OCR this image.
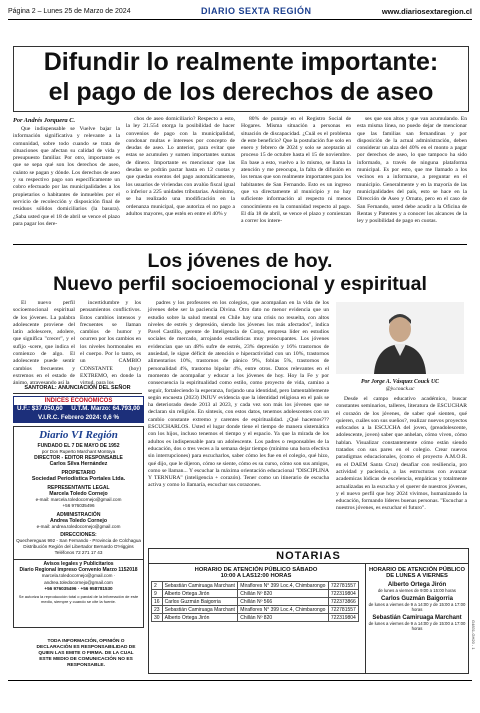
Página 2 – Lunes 25 de Marzo de 2024	DIARIO SEXTA REGIÓN	www.diariosextaregion.cl
Difundir lo realmente importante:
el pago de los derechos de aseo
Por Andrés Jorquera C.

Que indispensable se Vuelve bajar la información significativa y relevante a la comunidad, sobre todo cuando se trata de situaciones que afectan su calidad de vida y presupuesto familiar. Por otro, importante es que se sepa qué son los derechos de aseo, cuánto se pagan y dónde. Los derechos de aseo y su respectivo pago son específicamente un cobro efectuado por las municipalidades a los propietarios o habitantes de inmuebles por el servicio de recolección y disposición final de residuos sólidos domiciliarios (la basura). ¿Saba usted que el 18 de abril se vence el plazo para pagar los dere-

chos de aseo domiciliario? Respecto a esto, la ley 21.554 otorga la posibilidad de hacer convenios de pago con la municipalidad, condonar multas e intereses por concepto de deudas de aseo. Lo anterior, para evitar que estas se acumulen y sumen importantes sumas de dinero. Importante es mencionar que las deudas se podrán pactar hasta en 12 cuotas y que quedan exentos del pago automáticamente, los usuarios de viviendas con avalúo fiscal igual o inferior a 225 unidades tributarias. Asimismo, se ha realizado una modificación en la ordenanza municipal, que autoriza el no pago a adultos mayores, que estén en entre el 40% y

80% de puntaje en el Registro Social de Hogares. Misma situación a personas en situación de discapacidad. ¿Cuál es el problema de este beneficio? Que la postulación fue solo en enero y febrero de 2024 y solo se aceptarán al proceso 15 de octubre hasta el 15 de noviembre. En base a esto, vuelvo a lo mismo, se llama la atención y me preocupa, la falta de difusión en los temas que son realmente importantes para los habitantes de San Fernando. Esto es un ingreso que va directamente al municipio y no hay suficiente información al respecto ni menos conocimiento en la comunidad respecto al pago. El día 18 de abril, se vence el plazo y comienzan a correr los intere-

ses que son altos y que van acumulando. En esta misma línea, no puedo dejar de mencionar que las familias san fernandinas y por disposición de la actual administración, deben considerar un alza del 40% en el monto a pagar por derechos de aseo, lo que tampoco ha sido informado, a través de ninguna plataforma municipal. Es por esto, que me llamado a los vecinos en a informarse, a preguntar en el municipio. Generalmente y en la mayoría de las municipalidades del país, esto se hace en la Dirección de Aseo y Ornato, pero en el caso de San Fernando, usted debe acudir a la Oficina de Rentas y Patentes y a conocer los alcances de la ley y posibilidad de pago en cuotas.

Los jóvenes de hoy.
Nuevo perfil socioemocional y espiritual

El nuevo perfil socioemocional espiritual de los jóvenes. La palabra adolescente proviene del latín adolescere, adolere, que significa "crecer", y el sufijo -scere, que indica el comienzo de algo. El adolescente puede sentir cambios frecuentes y extremos en el estado de ánimo, atravesando así la

incertidumbre y los pensamientos conflictivos. Estos cambios intensos y frecuentes se llaman cambios de humor y ocurren por los cambios en los niveles hormonales en el cuerpo. Por lo tanto, es un CAMBIO CONSTANTE (hoy) EXTREMO, en donde la virtud, para los

padres y los profesores en los colegios, que acompañan en la vida de los jóvenes debe ser la paciencia Divina. Otro dato no menor evidencia que un estudio sobre la salud mental en Chile hay una crisis no resuelta, con altos niveles de estrés y depresión, siendo los jóvenes los más afectados", indica Pavel Castillo, gerente de Inteligencia de Corpa, empresa líder en estudios sociales de mercado, arrojando estadísticas muy preocupantes. Los jóvenes evidencian que un 48% sufre de estrés, 23% depresión y 16% trastornos de ansiedad, le sigue déficit de atención e hiperactividad con un 10%, trastornos alimentarios 10%, trastornos de pánico 9%, fobias 5%, trastornos de personalidad 4%, trastorno bipolar 4%, entre otros. Datos relevantes en el momento de acompañar y educar a los jóvenes de hoy. Hoy la Fe y por consecuencia la espiritualidad como estilo, como proyecto de vida, camino a seguir, fortaleciendo la esperanza, forjando una identidad, pero lamentablemente según encuesta (2023) INJUV evidencia que la identidad religiosa en el país se ha deteriorado desde 2013 al 2023, y cada vez son más los jóvenes que se declaran sin religión. En síntesis, con estos datos, tenemos adolescentes con un cambio constante extremo y carentes de espiritualidad. ¿Qué hacemos??? ESCUCHARLOS. Usted el lugar donde tiene el tiempo de manera sistemática con los hijos, incluso tenemos el tiempo y el espacio. Ya que la mirada de los adultos es indispensable para un adolescente. Los padres o responsables de la educación, dos o tres veces a la semana dejar tiempo (mínimo una hora efectiva sin interrupciones) para escucharlos, saber cómo les fue en el colegio, qué hizo, qué dijo, que le dijeron, cómo se siente, cómo es su curso, cómo son sus amigos, como se llaman... Y escuchar la máxima orientación educacional "DISCIPLINA Y TERNURA" (inteligencia + corazón). Tener como un itinerario de escucha activa y como lo llamaría, escuchar sus corazones.

Por Jorge A. Vásquez Couck UC
@jv.couck.uc

Desde el campo educativo académico, buscar constantes seminarios, talleres, literatura de ESCUCHAR el corazón de los jóvenes, de saber qué sienten, qué quieren, cuáles son sus sueños?, realizar nuevos proyectos enfocados a la ESCUCHA del joven, (preadolescente, adolescente, joven) saber que anhelan, cómo viven, cómo hablan. Visualizar constantemente cómo están siendo tratados con sus pares en el colegio. Crear nuevos paradigmas educacionales, (como el proyecto A.M.O.R. en el DAEM Santa Cruz) desafiar con resiliencia, pro actividad y paciencia, a las estructuras con avanzar academicas lúdicas de excelencia, empáticas y totalmente actualizadas en la escucha y el querer de nuestros jóvenes, y el nuevo perfil que hoy 2024 vivimos, humanizando la educación, formando líderes buenas personas. "Escuchar a nuestros jóvenes, es escuchar el futuro".

SANTORAL: ANUNCIACIÓN DEL SEÑOR
ÍNDICES ECONÓMICOS
U.F.: $37.050,60 U.T.M. Marzo: 64.793,00
V.I.R.C. Febrero 2024: 0,6 %
Diario VI Región
FUNDADO EL 7 DE MAYO DE 1952
por Don Ruperto Marchant Montoya
DIRECTOR - EDITOR RESPONSABLE
Carlos Silva Hernández
PROPIETARIO
Sociedad Periodística Portales Ltda.
REPRESENTANTE LEGAL
Marcela Toledo Cornejo
e-mail: marcela.toledocornejo@gmail.com
+56 976035496
ADMINISTRACIÓN
Andrea Toledo Cornejo
e-mail: andrea.toledocornejo@gmail.com
DIRECCIONES:
Quechereguas 992 - San Fernando - Provincia de Colchagua
Distribución Región del Libertador Bernardo O'Higgins
Teléfonos 72 271 17 43
Avisos legales y Publicitarios
Diario Regional impreso Convenio Marzo 1152018
marcela.toledocornejo@gmail.com · andrea.toledocornejo@gmail.com
+56 976035496 · +56 958781530
Se autoriza la reproducción total o parcial de la información de este medio, siempre y cuando se cite la fuente.
TODA INFORMACIÓN, OPINIÓN O DECLARACIÓN ES RESPONSABILIDAD DE QUIEN LAS EMITE O FIRMA. DE LA CUAL ESTE MEDIO DE COMUNICACIÓN NO ES RESPONSABLE.
NOTARIAS
HORARIO DE ATENCIÓN PÚBLICO SÁBADO
10:00 A LAS12:00 HORAS
2	Sebastián Camiruaga Marchant	Miraflores N° 399 Loc.4, Chimbarongo	722781557
9	Alberto Ortega Jirón	Chillán Nº 820	722319804
16	Carlos Guzmán Baigorria	Chillán Nº 566	722373866
23	Sebastián Camiruaga Marchant	Miraflores N° 399 Loc.4, Chimbarongo	722781557
30	Alberto Ortega Jirón	Chillán Nº 820	722319804
HORARIO DE ATENCIÓN PÚBLICO
DE LUNES A VIERNES
Alberto Ortega Jirón
de lunes a viernes de 9:00 a 15:00 horas
Carlos Guzmán Baigorria
de lunes a viernes de 9 a 14:00 y de 15:00 a 17:00 horas
Sebastián Camiruaga Marchant
de lunes a viernes de 9 a 14:00 y de 15:00 a 17:00 horas	G4831-GH20 - 1
